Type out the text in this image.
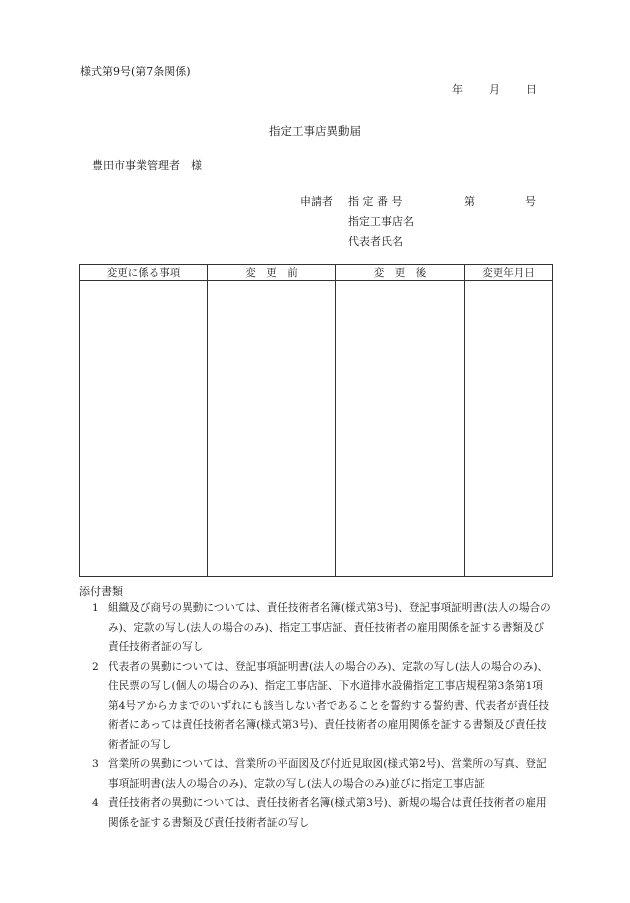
様式第9号(第7条関係)
年 月 日
指定工事店異動届
豊田市事業管理者　様
申請者 指 定 番 号	第	号
指定工事店名
代表者氏名
変更に係る事項	変　更　前	変　更　後	変更年月日

添付書類
1 組織及び商号の異動については、責任技術者名簿(様式第3号)、登記事項証明書(法人の場合のみ)、定款の写し(法人の場合のみ)、指定工事店証、責任技術者の雇用関係を証する書類及び責任技術者証の写し
2 代表者の異動については、登記事項証明書(法人の場合のみ)、定款の写し(法人の場合のみ)、住民票の写し(個人の場合のみ)、指定工事店証、下水道排水設備指定工事店規程第3条第1項第4号アからカまでのいずれにも該当しない者であることを誓約する誓約書、代表者が責任技術者にあっては責任技術者名簿(様式第3号)、責任技術者の雇用関係を証する書類及び責任技術者証の写し
3 営業所の異動については、営業所の平面図及び付近見取図(様式第2号)、営業所の写真、登記事項証明書(法人の場合のみ)、定款の写し(法人の場合のみ)並びに指定工事店証
4 責任技術者の異動については、責任技術者名簿(様式第3号)、新規の場合は責任技術者の雇用関係を証する書類及び責任技術者証の写し
